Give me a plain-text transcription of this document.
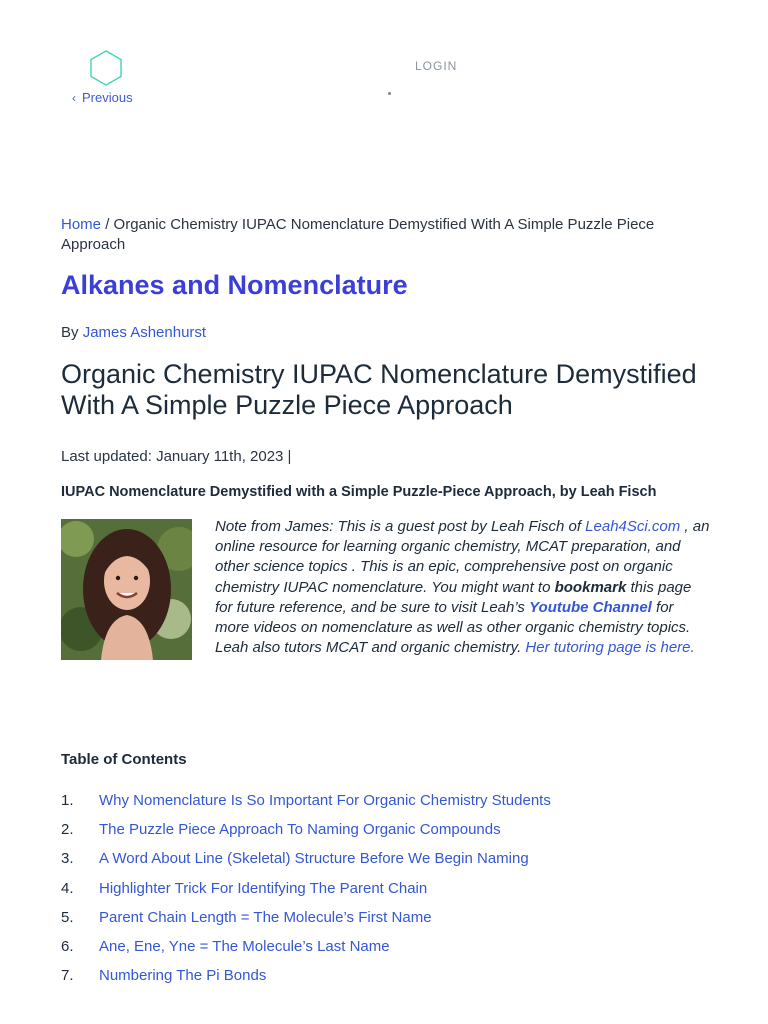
LOGIN
‹ Previous
Home / Organic Chemistry IUPAC Nomenclature Demystified With A Simple Puzzle Piece Approach
Alkanes and Nomenclature
By James Ashenhurst
Organic Chemistry IUPAC Nomenclature Demystified With A Simple Puzzle Piece Approach
Last updated: January 11th, 2023 |
IUPAC Nomenclature Demystified with a Simple Puzzle-Piece Approach, by Leah Fisch
Note from James: This is a guest post by Leah Fisch of Leah4Sci.com , an online resource for learning organic chemistry, MCAT preparation, and other science topics . This is an epic, comprehensive post on organic chemistry IUPAC nomenclature. You might want to bookmark this page for future reference, and be sure to visit Leah’s Youtube Channel for more videos on nomenclature as well as other organic chemistry topics. Leah also tutors MCAT and organic chemistry. Her tutoring page is here.
Table of Contents
1.	Why Nomenclature Is So Important For Organic Chemistry Students
2.	The Puzzle Piece Approach To Naming Organic Compounds
3.	A Word About Line (Skeletal) Structure Before We Begin Naming
4.	Highlighter Trick For Identifying The Parent Chain
5.	Parent Chain Length = The Molecule’s First Name
6.	Ane, Ene, Yne = The Molecule’s Last Name
7.	Numbering The Pi Bonds
